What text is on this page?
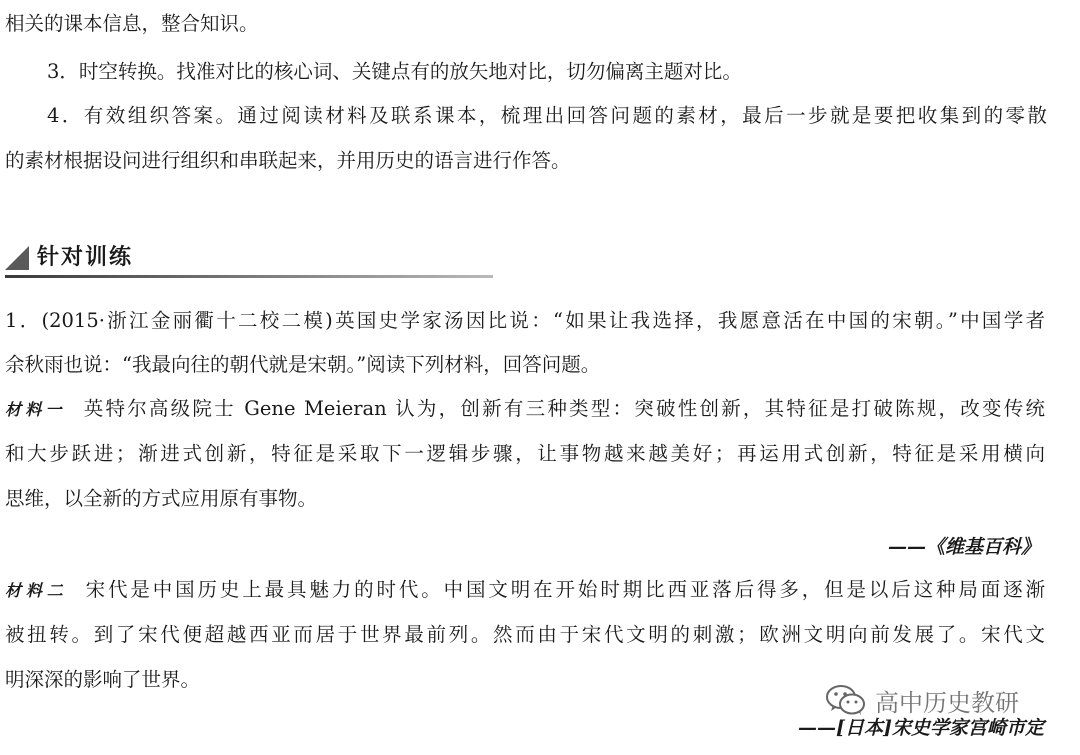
相关的课本信息，整合知识。
3．时空转换。找准对比的核心词、关键点有的放矢地对比，切勿偏离主题对比。
4．有效组织答案。通过阅读材料及联系课本，梳理出回答问题的素材，最后一步就是要把收集到的零散
的素材根据设问进行组织和串联起来，并用历史的语言进行作答。
针对训练
1．(2015·浙江金丽衢十二校二模)英国史学家汤因比说：“如果让我选择，我愿意活在中国的宋朝。”中国学者
余秋雨也说：“我最向往的朝代就是宋朝。”阅读下列材料，回答问题。
材料一 英特尔高级院士 Gene Meieran 认为，创新有三种类型：突破性创新，其特征是打破陈规，改变传统
和大步跃进；渐进式创新，特征是采取下一逻辑步骤，让事物越来越美好；再运用式创新，特征是采用横向
思维，以全新的方式应用原有事物。
——《维基百科》
材料二 宋代是中国历史上最具魅力的时代。中国文明在开始时期比西亚落后得多，但是以后这种局面逐渐
被扭转。到了宋代便超越西亚而居于世界最前列。然而由于宋代文明的刺激；欧洲文明向前发展了。宋代文
明深深的影响了世界。
——[日本]宋史学家宫崎市定
高中历史教研
